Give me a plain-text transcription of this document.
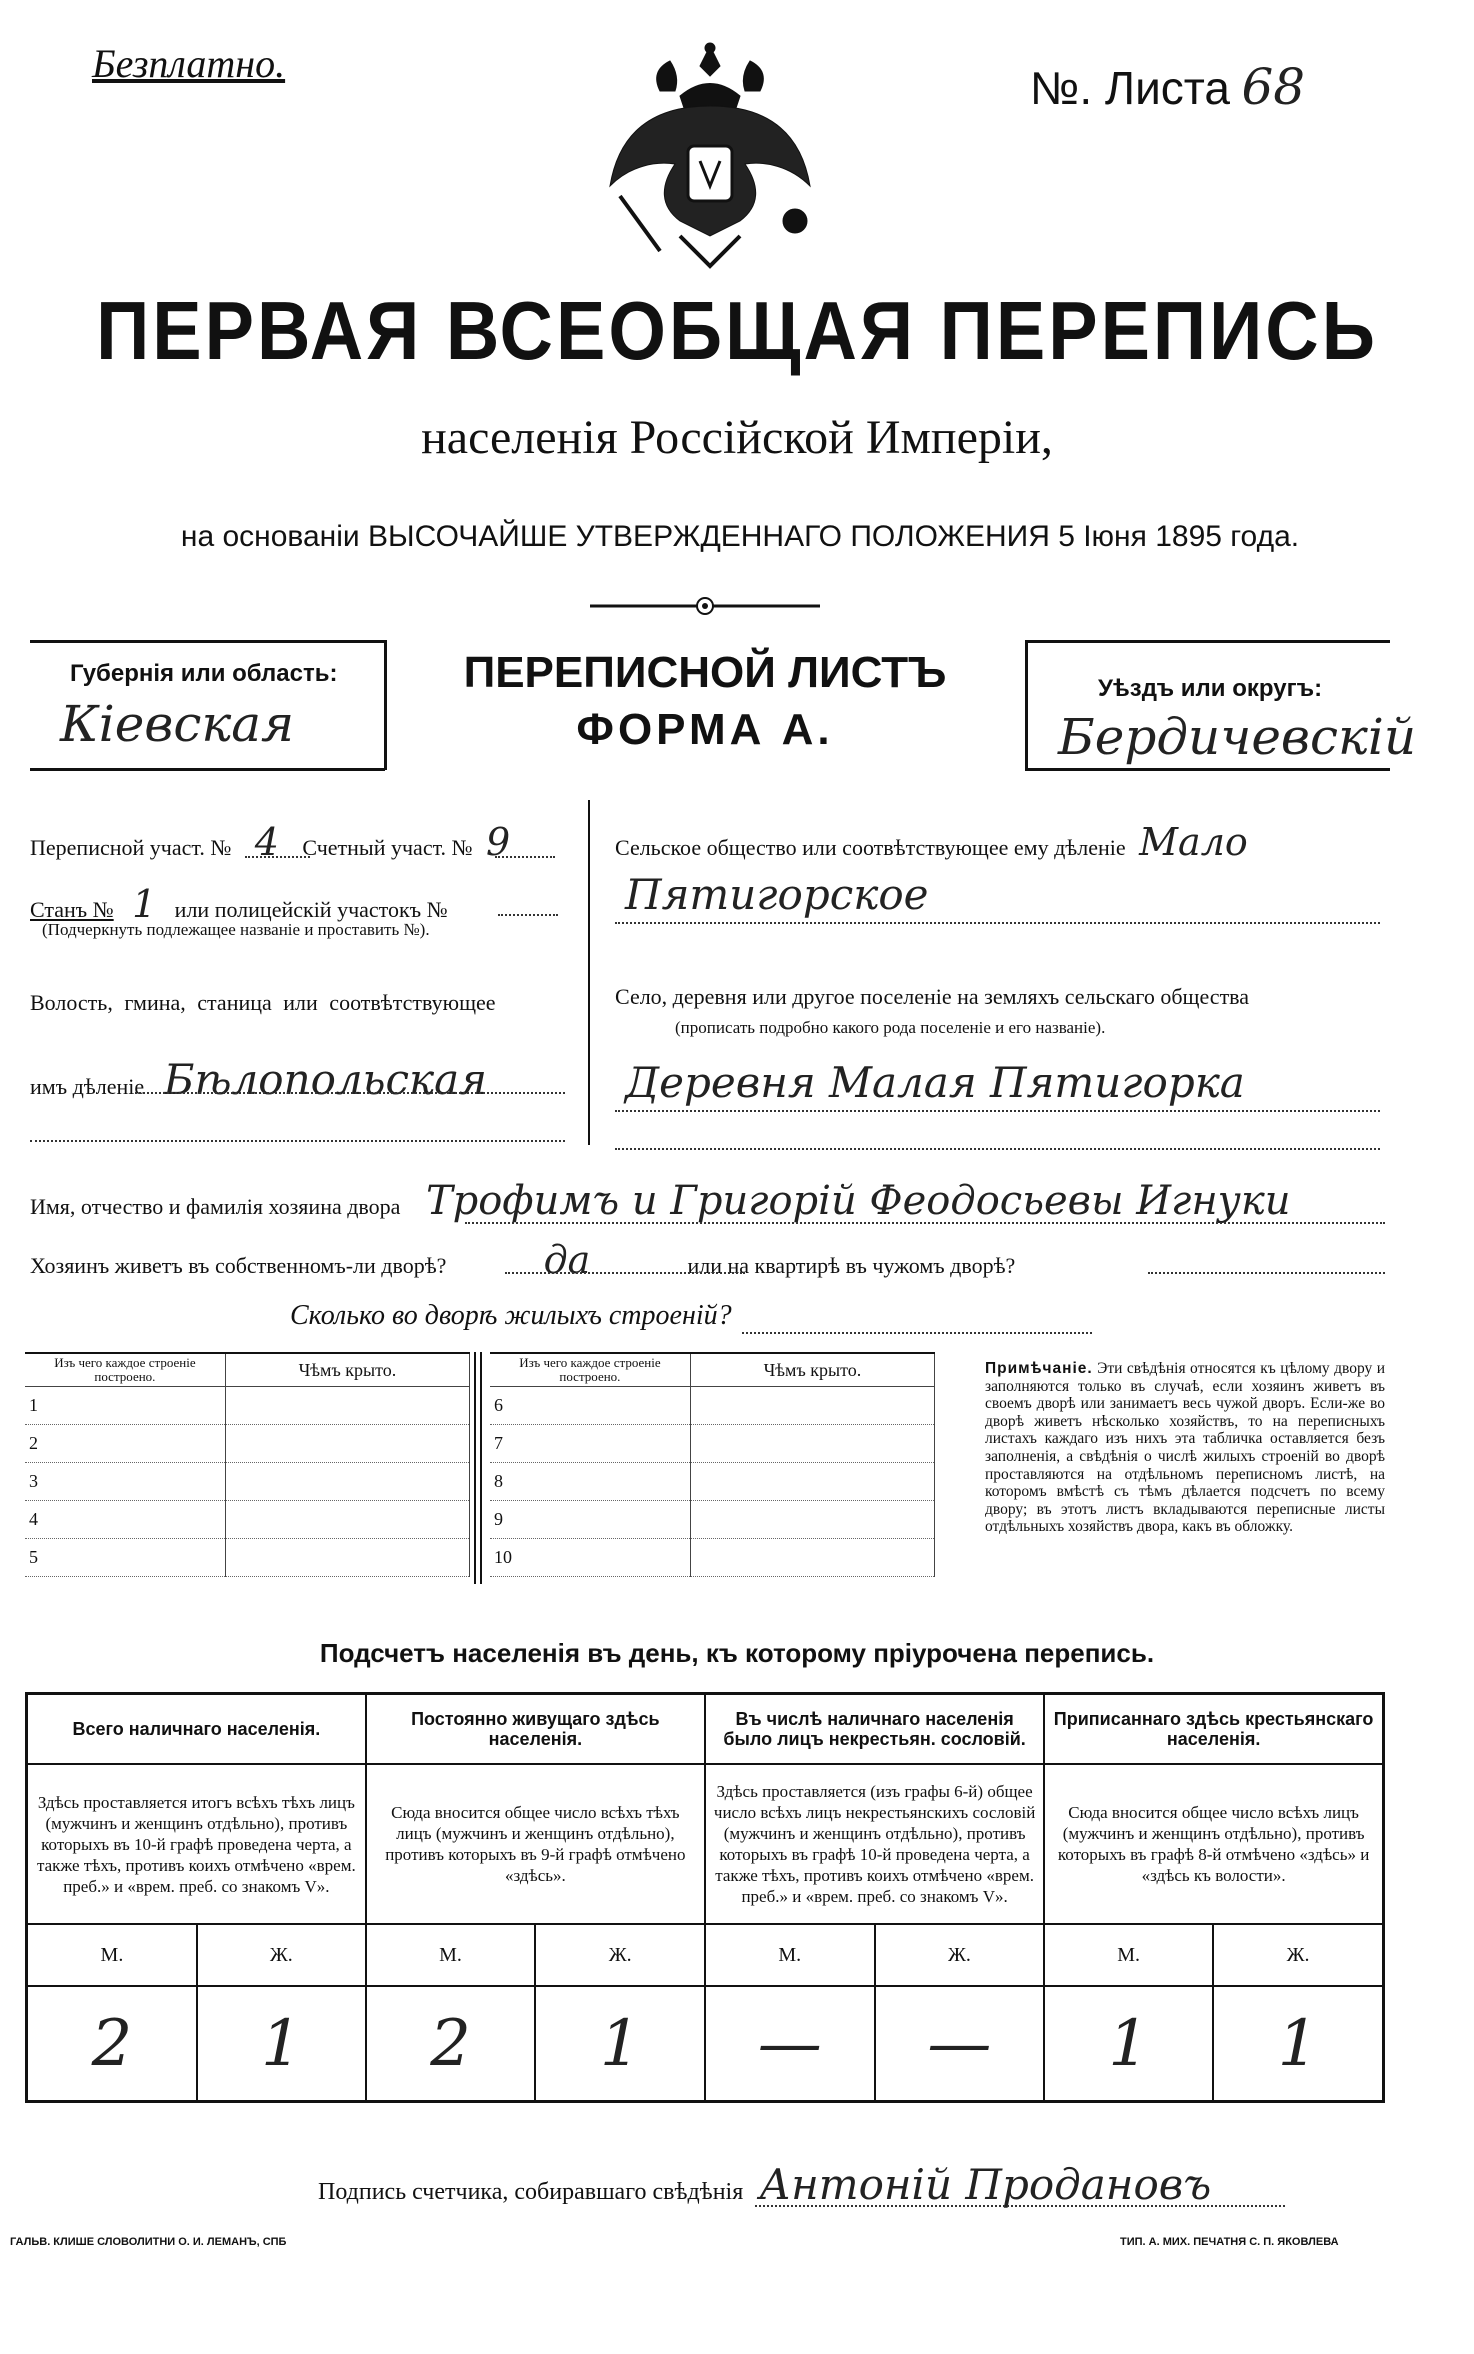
Безплатно.	№. Листа 68
ПЕРВАЯ ВСЕОБЩАЯ ПЕРЕПИСЬ
населенія Россійской Имперіи,
на основаніи ВЫСОЧАЙШЕ УТВЕРЖДЕННАГО ПОЛОЖЕНИЯ 5 Іюня 1895 года.
Губернія или область:
Кіевская
ПЕРЕПИСНОЙ ЛИСТЪ
ФОРМА А.
Уѣздъ или округъ:
Бердичевскій
Переписной участ. № 4 Счетный участ. № 9
Станъ № 1 или полицейскій участокъ №
(Подчеркнуть подлежащее названіе и проставить №).
Волость, гмина, станица или соотвѣтствующее
имъ дѣленіе Бѣлопольская
Сельское общество или соотвѣтствующее ему дѣленіе Мало
Пятигорское
Село, деревня или другое поселеніе на земляхъ сельскаго общества
(прописать подробно какого рода поселеніе и его названіе).
Деревня Малая Пятигорка
Имя, отчество и фамилія хозяина двора Трофимъ и Григорій Феодосьевы Игнуки
Хозяинъ живетъ въ собственномъ-ли дворѣ?	да	или на квартирѣ въ чужомъ дворѣ?
Сколько во дворѣ жилыхъ строеній?
Изъ чего каждое строеніе построено.	Чѣмъ крыто.
1	
2	
3	
4	
5	
Изъ чего каждое строеніе построено.	Чѣмъ крыто.
6	
7	
8	
9	
10	
Примѣчаніе. Эти свѣдѣнія относятся къ цѣлому двору и заполняются только въ случаѣ, если хозяинъ живетъ въ своемъ дворѣ или занимаетъ весь чужой дворъ. Если-же во дворѣ живетъ нѣсколько хозяйствъ, то на переписныхъ листахъ каждаго изъ нихъ эта табличка оставляется безъ заполненія, а свѣдѣнія о числѣ жилыхъ строеній во дворѣ проставляются на отдѣльномъ переписномъ листѣ, на которомъ вмѣстѣ съ тѣмъ дѣлается подсчетъ по всему двору; въ этотъ листъ вкладываются переписные листы отдѣльныхъ хозяйствъ двора, какъ въ обложку.
Подсчетъ населенія въ день, къ которому пріурочена перепись.
Всего наличнаго населенія.		Постоянно живущаго здѣсь населенія.		Въ числѣ наличнаго населенія было лицъ некрестьян. сословій.		Приписаннаго здѣсь крестьянскаго населенія.	
Здѣсь проставляется итогъ всѣхъ тѣхъ лицъ (мужчинъ и женщинъ отдѣльно), противъ которыхъ въ 10-й графѣ проведена черта, а также тѣхъ, противъ коихъ отмѣчено «врем. преб.» и «врем. преб. со знакомъ V».		Сюда вносится общее число всѣхъ тѣхъ лицъ (мужчинъ и женщинъ отдѣльно), противъ которыхъ въ 9-й графѣ отмѣчено «здѣсь».		Здѣсь проставляется (изъ графы 6-й) общее число всѣхъ лицъ некрестьянскихъ сословій (мужчинъ и женщинъ отдѣльно), противъ которыхъ въ графѣ 10-й проведена черта, а также тѣхъ, противъ коихъ отмѣчено «врем. преб.» и «врем. преб. со знакомъ V».		Сюда вносится общее число всѣхъ лицъ (мужчинъ и женщинъ отдѣльно), противъ которыхъ въ графѣ 8-й отмѣчено «здѣсь» и «здѣсь къ волости».	
М.	Ж.	М.	Ж.	М.	Ж.	М.	Ж.
2	1	2	1	—	—	1	1
Подпись счетчика, собиравшаго свѣдѣнія Антоній Продановъ
ГАЛЬВ. КЛИШЕ СЛОВОЛИТНИ О. И. ЛЕМАНЪ, СПБ	ТИП. А. МИХ. ПЕЧАТНЯ С. П. ЯКОВЛЕВА
